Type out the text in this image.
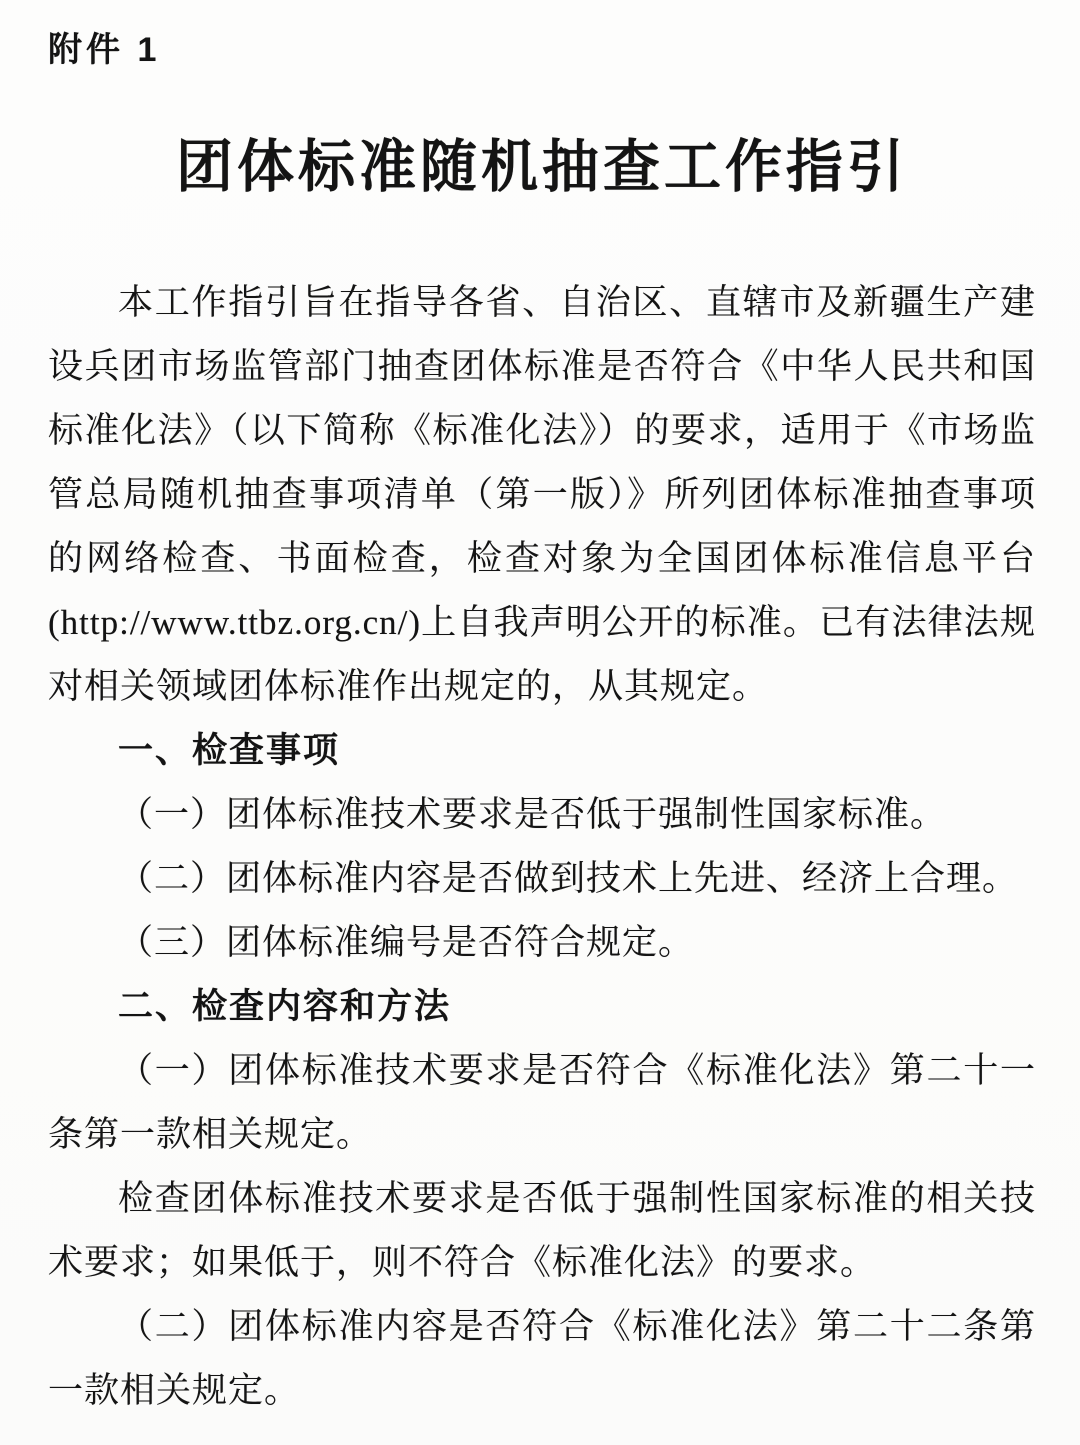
附件 1
团体标准随机抽查工作指引

本工作指引旨在指导各省、自治区、直辖市及新疆生产建设兵团市场监管部门抽查团体标准是否符合《中华人民共和国标准化法》（以下简称《标准化法》）的要求，适用于《市场监管总局随机抽查事项清单（第一版）》所列团体标准抽查事项的网络检查、书面检查，检查对象为全国团体标准信息平台(http://www.ttbz.org.cn/)上自我声明公开的标准。已有法律法规对相关领域团体标准作出规定的，从其规定。

一、检查事项

（一）团体标准技术要求是否低于强制性国家标准。

（二）团体标准内容是否做到技术上先进、经济上合理。

（三）团体标准编号是否符合规定。

二、检查内容和方法

（一）团体标准技术要求是否符合《标准化法》第二十一条第一款相关规定。

检查团体标准技术要求是否低于强制性国家标准的相关技术要求；如果低于，则不符合《标准化法》的要求。

（二）团体标准内容是否符合《标准化法》第二十二条第一款相关规定。
